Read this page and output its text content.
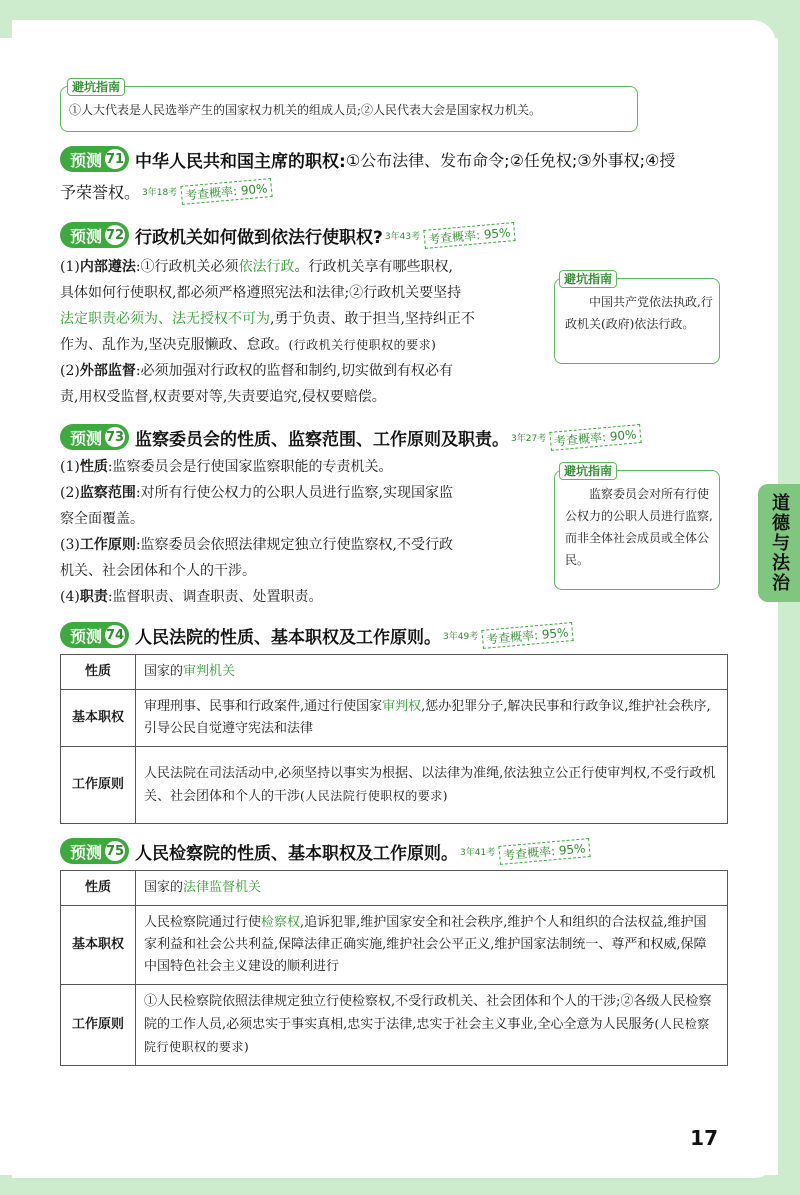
道德与法治
避坑指南
①人大代表是人民选举产生的国家权力机关的组成人员;②人民代表大会是国家权力机关。
预测 71 中华人民共和国主席的职权: ①公布法律、发布命令;②任免权;③外事权;④授
予荣誉权。 3年18考 考查概率: 90%
预测 72 行政机关如何做到依法行使职权? 3年43考 考查概率: 95%
(1)内部遵法:①行政机关必须依法行政。行政机关享有哪些职权,
具体如何行使职权,都必须严格遵照宪法和法律;②行政机关要坚持
法定职责必须为、法无授权不可为,勇于负责、敢于担当,坚持纠正不
作为、乱作为,坚决克服懒政、怠政。(行政机关行使职权的要求)
(2)外部监督:必须加强对行政权的监督和制约,切实做到有权必有
责,用权受监督,权责要对等,失责要追究,侵权要赔偿。
避坑指南
中国共产党依法执政,行政机关(政府)依法行政。
预测 73 监察委员会的性质、监察范围、工作原则及职责。 3年27考 考查概率: 90%
(1)性质:监察委员会是行使国家监察职能的专责机关。
(2)监察范围:对所有行使公权力的公职人员进行监察,实现国家监
察全面覆盖。
(3)工作原则:监察委员会依照法律规定独立行使监察权,不受行政
机关、社会团体和个人的干涉。
(4)职责:监督职责、调查职责、处置职责。
避坑指南
监察委员会对所有行使公权力的公职人员进行监察,而非全体社会成员或全体公民。
预测 74 人民法院的性质、基本职权及工作原则。 3年49考 考查概率: 95%
性质	国家的审判机关
基本职权	审理刑事、民事和行政案件,通过行使国家审判权,惩办犯罪分子,解决民事和行政争议,维护社会秩序,引导公民自觉遵守宪法和法律
工作原则	人民法院在司法活动中,必须坚持以事实为根据、以法律为准绳,依法独立公正行使审判权,不受行政机关、社会团体和个人的干涉(人民法院行使职权的要求)
预测 75 人民检察院的性质、基本职权及工作原则。 3年41考 考查概率: 95%
性质	国家的法律监督机关
基本职权	人民检察院通过行使检察权,追诉犯罪,维护国家安全和社会秩序,维护个人和组织的合法权益,维护国家利益和社会公共利益,保障法律正确实施,维护社会公平正义,维护国家法制统一、尊严和权威,保障中国特色社会主义建设的顺利进行
工作原则	①人民检察院依照法律规定独立行使检察权,不受行政机关、社会团体和个人的干涉;②各级人民检察院的工作人员,必须忠实于事实真相,忠实于法律,忠实于社会主义事业,全心全意为人民服务(人民检察院行使职权的要求)
17
